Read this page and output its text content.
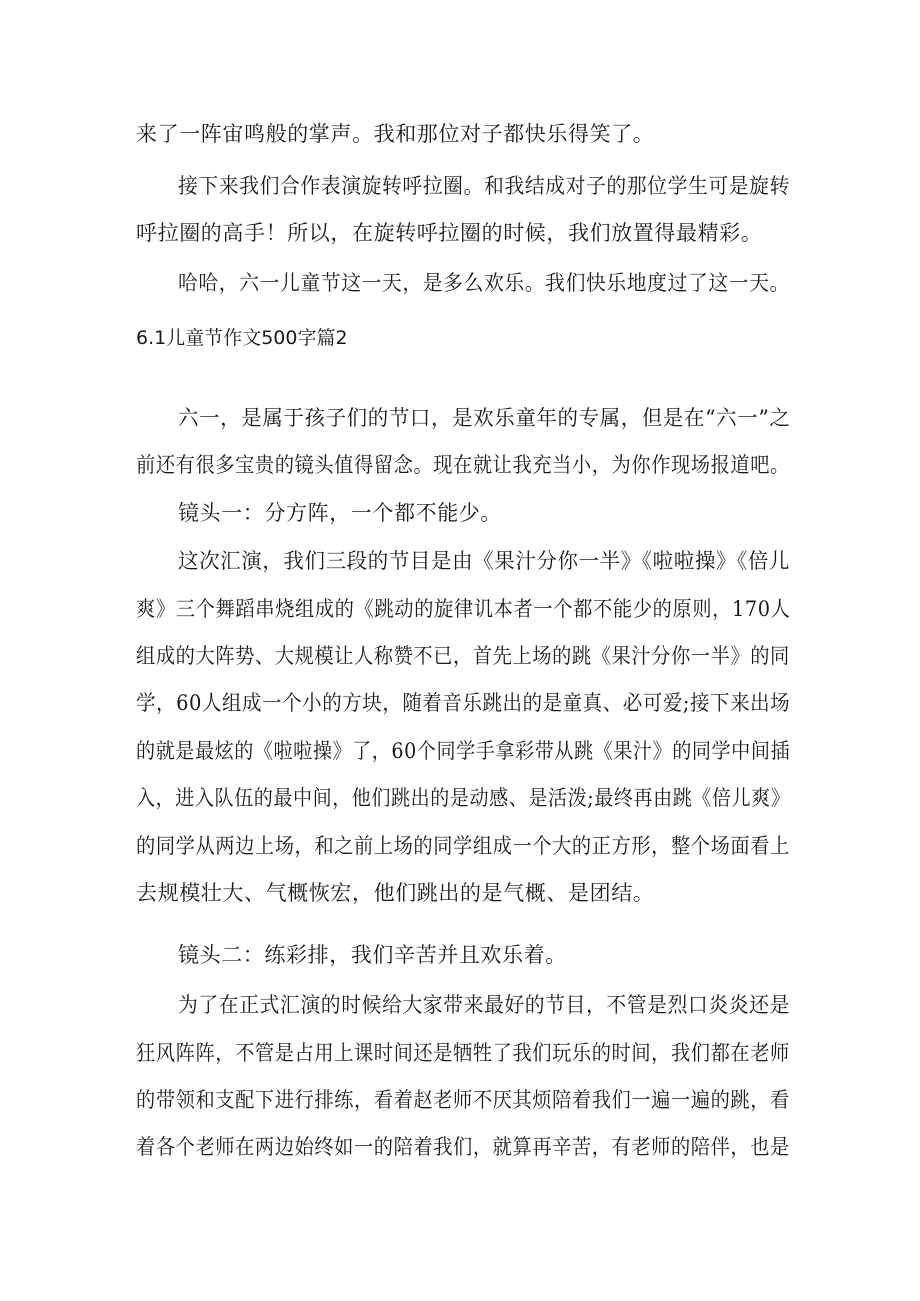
来了一阵宙鸣般的掌声。我和那位对子都快乐得笑了。
接下来我们合作表演旋转呼拉圈。和我结成对子的那位学生可是旋转
呼拉圈的高手！所以，在旋转呼拉圈的时候，我们放置得最精彩。
哈哈，六一儿童节这一天，是多么欢乐。我们快乐地度过了这一天。
6.1儿童节作文500字篇2
六一，是属于孩子们的节口，是欢乐童年的专属，但是在“六一”之
前还有很多宝贵的镜头值得留念。现在就让我充当小，为你作现场报道吧。
镜头一：分方阵，一个都不能少。
这次汇演，我们三段的节目是由《果汁分你一半》《啦啦操》《倍儿
爽》三个舞蹈串烧组成的《跳动的旋律讥本者一个都不能少的原则，170人
组成的大阵势、大规模让人称赞不已，首先上场的跳《果汁分你一半》的同
学，60人组成一个小的方块，随着音乐跳出的是童真、必可爱;接下来出场
的就是最炫的《啦啦操》了，60个同学手拿彩带从跳《果汁》的同学中间插
入，进入队伍的最中间，他们跳出的是动感、是活泼;最终再由跳《倍儿爽》
的同学从两边上场，和之前上场的同学组成一个大的正方形，整个场面看上
去规模壮大、气概恢宏，他们跳出的是气概、是团结。
镜头二：练彩排，我们辛苦并且欢乐着。
为了在正式汇演的时候给大家带来最好的节目，不管是烈口炎炎还是
狂风阵阵，不管是占用上课时间还是牺牲了我们玩乐的时间，我们都在老师
的带领和支配下进行排练，看着赵老师不厌其烦陪着我们一遍一遍的跳，看
着各个老师在两边始终如一的陪着我们，就算再辛苦，有老师的陪伴，也是
